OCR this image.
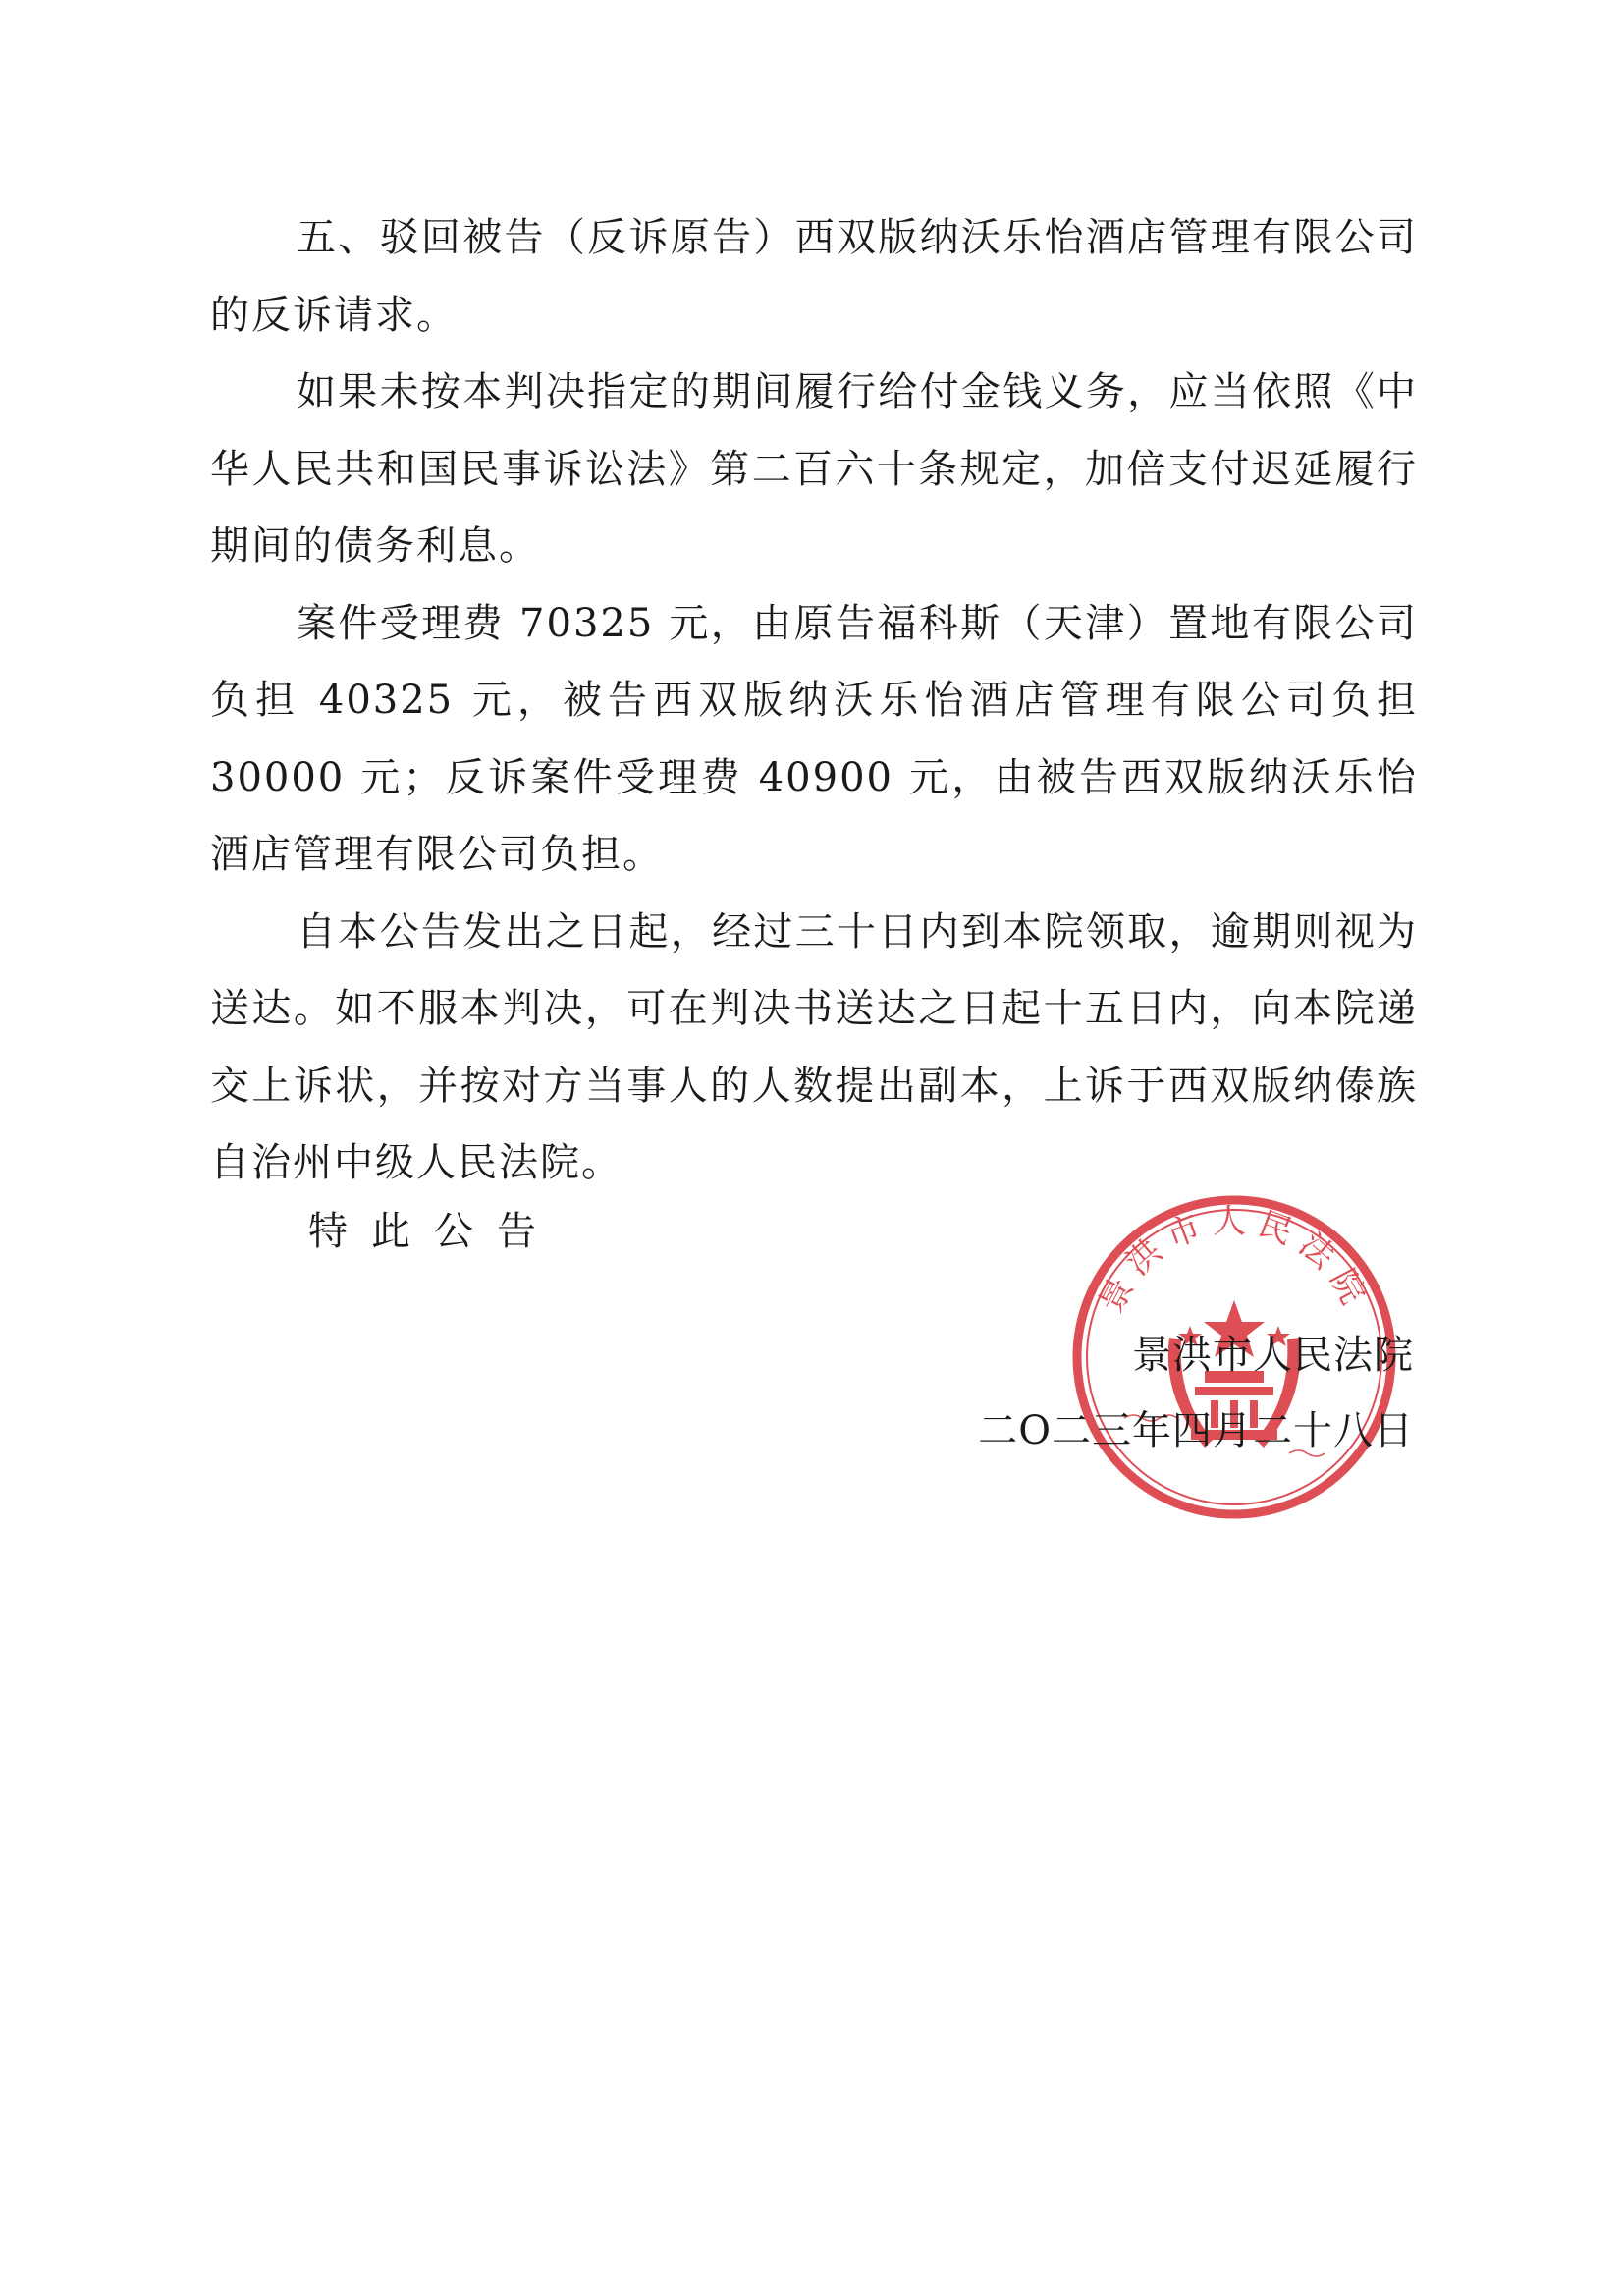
五、驳回被告（反诉原告）西双版纳沃乐怡酒店管理有限公司的反诉请求。

如果未按本判决指定的期间履行给付金钱义务，应当依照《中华人民共和国民事诉讼法》第二百六十条规定，加倍支付迟延履行期间的债务利息。

案件受理费 70325 元，由原告福科斯（天津）置地有限公司负担 40325 元，被告西双版纳沃乐怡酒店管理有限公司负担 30000 元；反诉案件受理费 40900 元，由被告西双版纳沃乐怡酒店管理有限公司负担。

自本公告发出之日起，经过三十日内到本院领取，逾期则视为送达。如不服本判决，可在判决书送达之日起十五日内，向本院递交上诉状，并按对方当事人的人数提出副本，上诉于西双版纳傣族自治州中级人民法院。

特此公告

景洪市人民法院
景洪市人民法院
二O二三年四月二十八日
